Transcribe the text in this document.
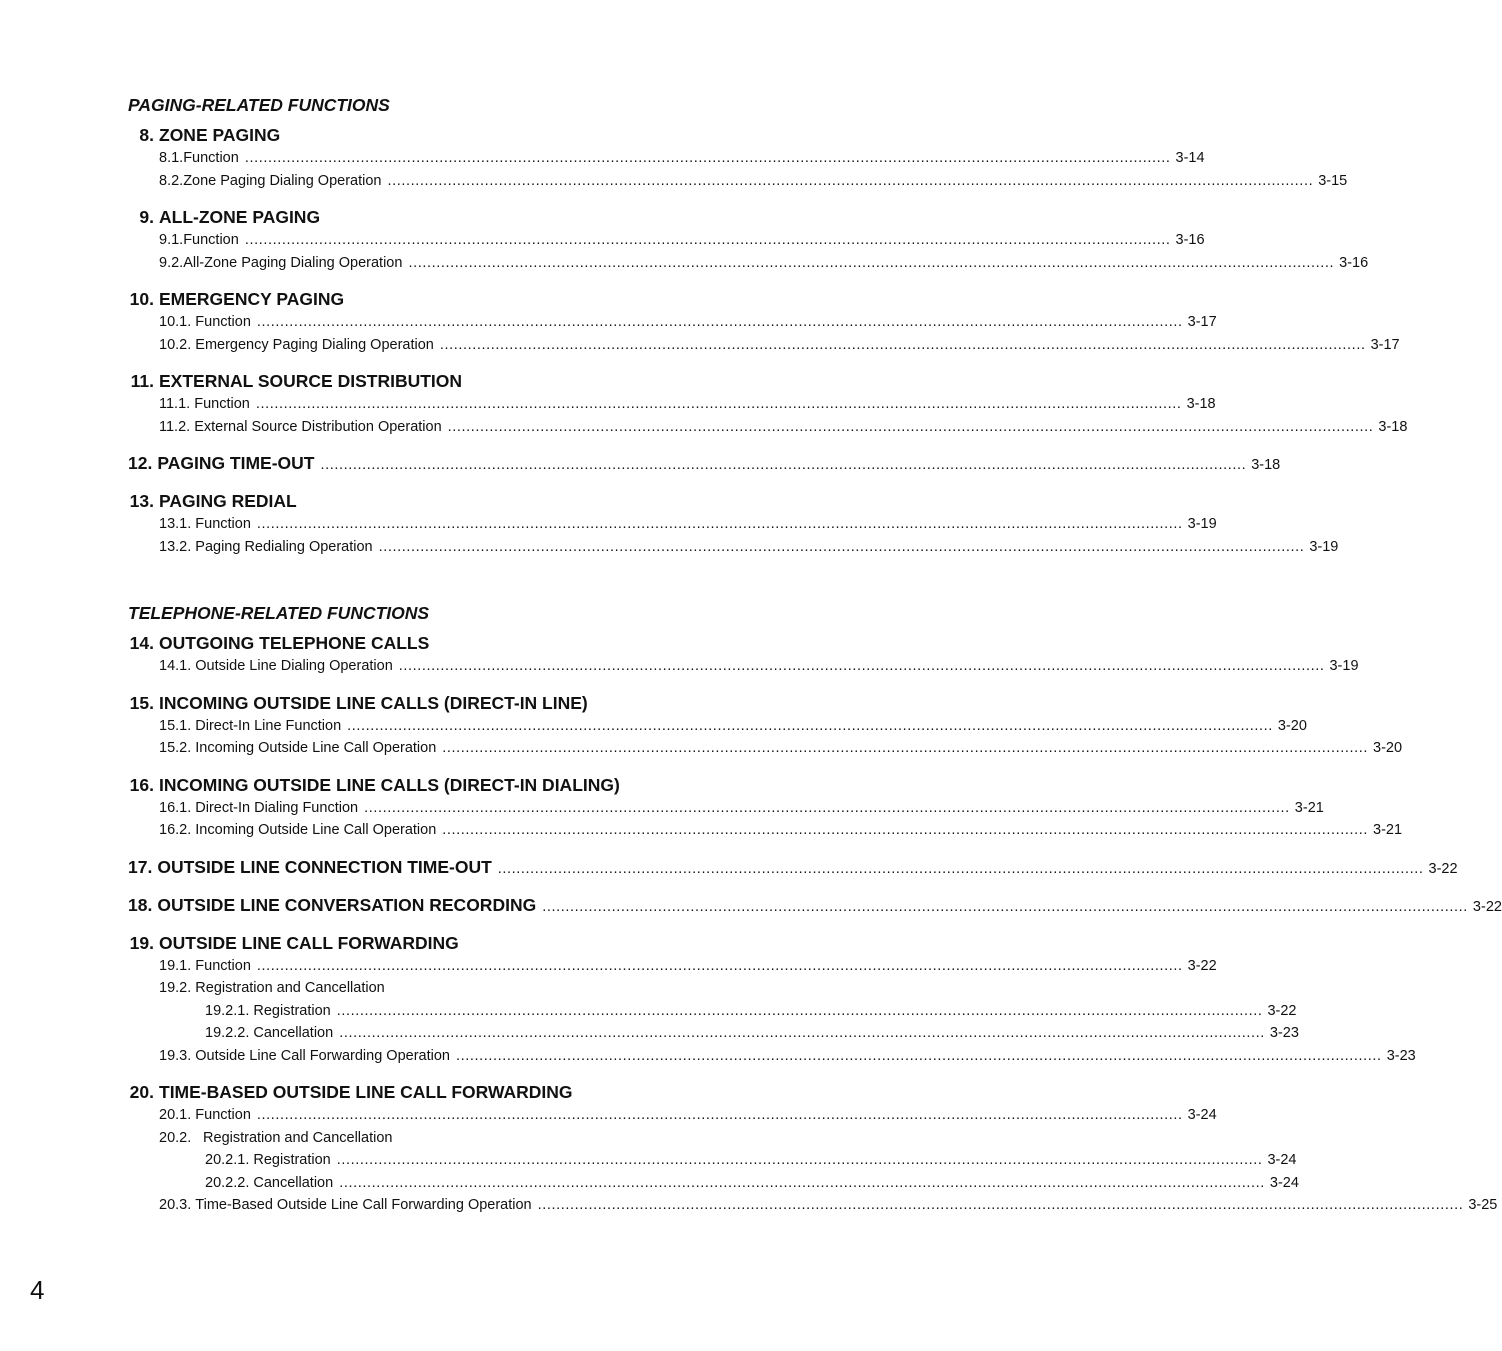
PAGING-RELATED FUNCTIONS
8. ZONE PAGING
8.1. Function ........................................................................................................................................................................................................ 3-14
8.2. Zone Paging Dialing Operation ........................................................................................................................................................................................................ 3-15
9. ALL-ZONE PAGING
9.1. Function ........................................................................................................................................................................................................ 3-16
9.2. All-Zone Paging Dialing Operation ........................................................................................................................................................................................................ 3-16
10. EMERGENCY PAGING
10.1.
Function ........................................................................................................................................................................................................ 3-17
10.2.
Emergency Paging Dialing Operation ........................................................................................................................................................................................................ 3-17
11. EXTERNAL SOURCE DISTRIBUTION
11.1.
Function ........................................................................................................................................................................................................ 3-18
11.2.
External Source Distribution Operation ........................................................................................................................................................................................................ 3-18
12. PAGING TIME-OUT ........................................................................................................................................................................................................ 3-18
13. PAGING REDIAL
13.1.
Function ........................................................................................................................................................................................................ 3-19
13.2.
Paging Redialing Operation ........................................................................................................................................................................................................ 3-19
TELEPHONE-RELATED FUNCTIONS
14. OUTGOING TELEPHONE CALLS
14.1.
Outside Line Dialing Operation ........................................................................................................................................................................................................ 3-19
15. INCOMING OUTSIDE LINE CALLS (DIRECT-IN LINE)
15.1.
Direct-In Line Function ........................................................................................................................................................................................................ 3-20
15.2.
Incoming Outside Line Call Operation ........................................................................................................................................................................................................ 3-20
16. INCOMING OUTSIDE LINE CALLS (DIRECT-IN DIALING)
16.1.
Direct-In Dialing Function ........................................................................................................................................................................................................ 3-21
16.2.
Incoming Outside Line Call Operation ........................................................................................................................................................................................................ 3-21
17. OUTSIDE LINE CONNECTION TIME-OUT ........................................................................................................................................................................................................ 3-22
18. OUTSIDE LINE CONVERSATION RECORDING ........................................................................................................................................................................................................ 3-22
19. OUTSIDE LINE CALL FORWARDING
19.1.
Function ........................................................................................................................................................................................................ 3-22
19.2.
Registration and Cancellation
19.2.1.
Registration ........................................................................................................................................................................................................ 3-22
19.2.2.
Cancellation ........................................................................................................................................................................................................ 3-23
19.3.
Outside Line Call Forwarding Operation ........................................................................................................................................................................................................ 3-23
20. TIME-BASED OUTSIDE LINE CALL FORWARDING
20.1.
Function ........................................................................................................................................................................................................ 3-24
20.2.
Registration and Cancellation
20.2.1.
Registration ........................................................................................................................................................................................................ 3-24
20.2.2.
Cancellation ........................................................................................................................................................................................................ 3-24
20.3.
Time-Based Outside Line Call Forwarding Operation ........................................................................................................................................................................................................ 3-25
4
